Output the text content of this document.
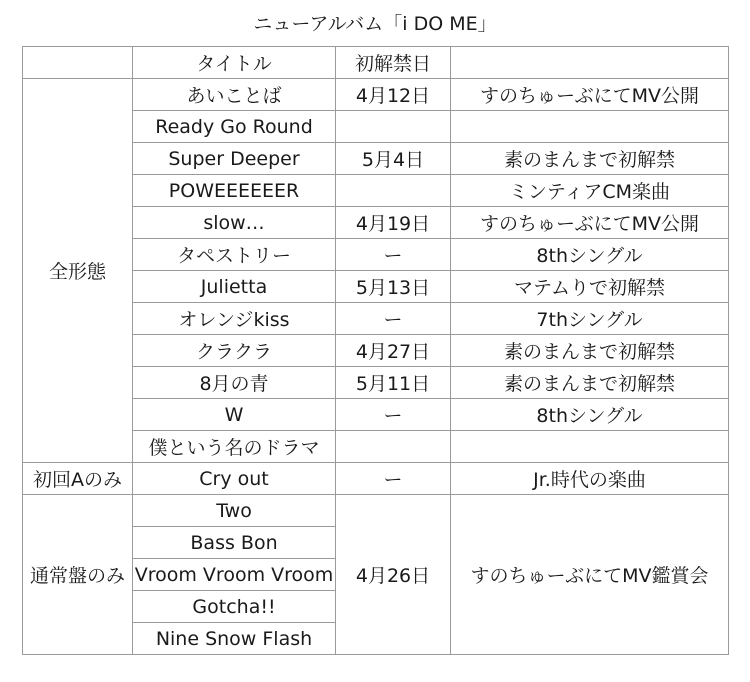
ニューアルバム「i DO ME」
	タイトル	初解禁日	
全形態	あいことば	4月12日	すのちゅーぶにてMV公開
	Ready Go Round		
	Super Deeper	5月4日	素のまんまで初解禁
	POWEEEEEER		ミンティアCM楽曲
	slow…	4月19日	すのちゅーぶにてMV公開
	タペストリー	ー	8thシングル
	Julietta	5月13日	マテムりで初解禁
	オレンジkiss	ー	7thシングル
	クラクラ	4月27日	素のまんまで初解禁
	8月の青	5月11日	素のまんまで初解禁
	W	ー	8thシングル
	僕という名のドラマ		
初回Aのみ	Cry out	ー	Jr.時代の楽曲
通常盤のみ	Two	4月26日	すのちゅーぶにてMV鑑賞会
	Bass Bon		
	Vroom Vroom Vroom		
	Gotcha!!		
	Nine Snow Flash		
